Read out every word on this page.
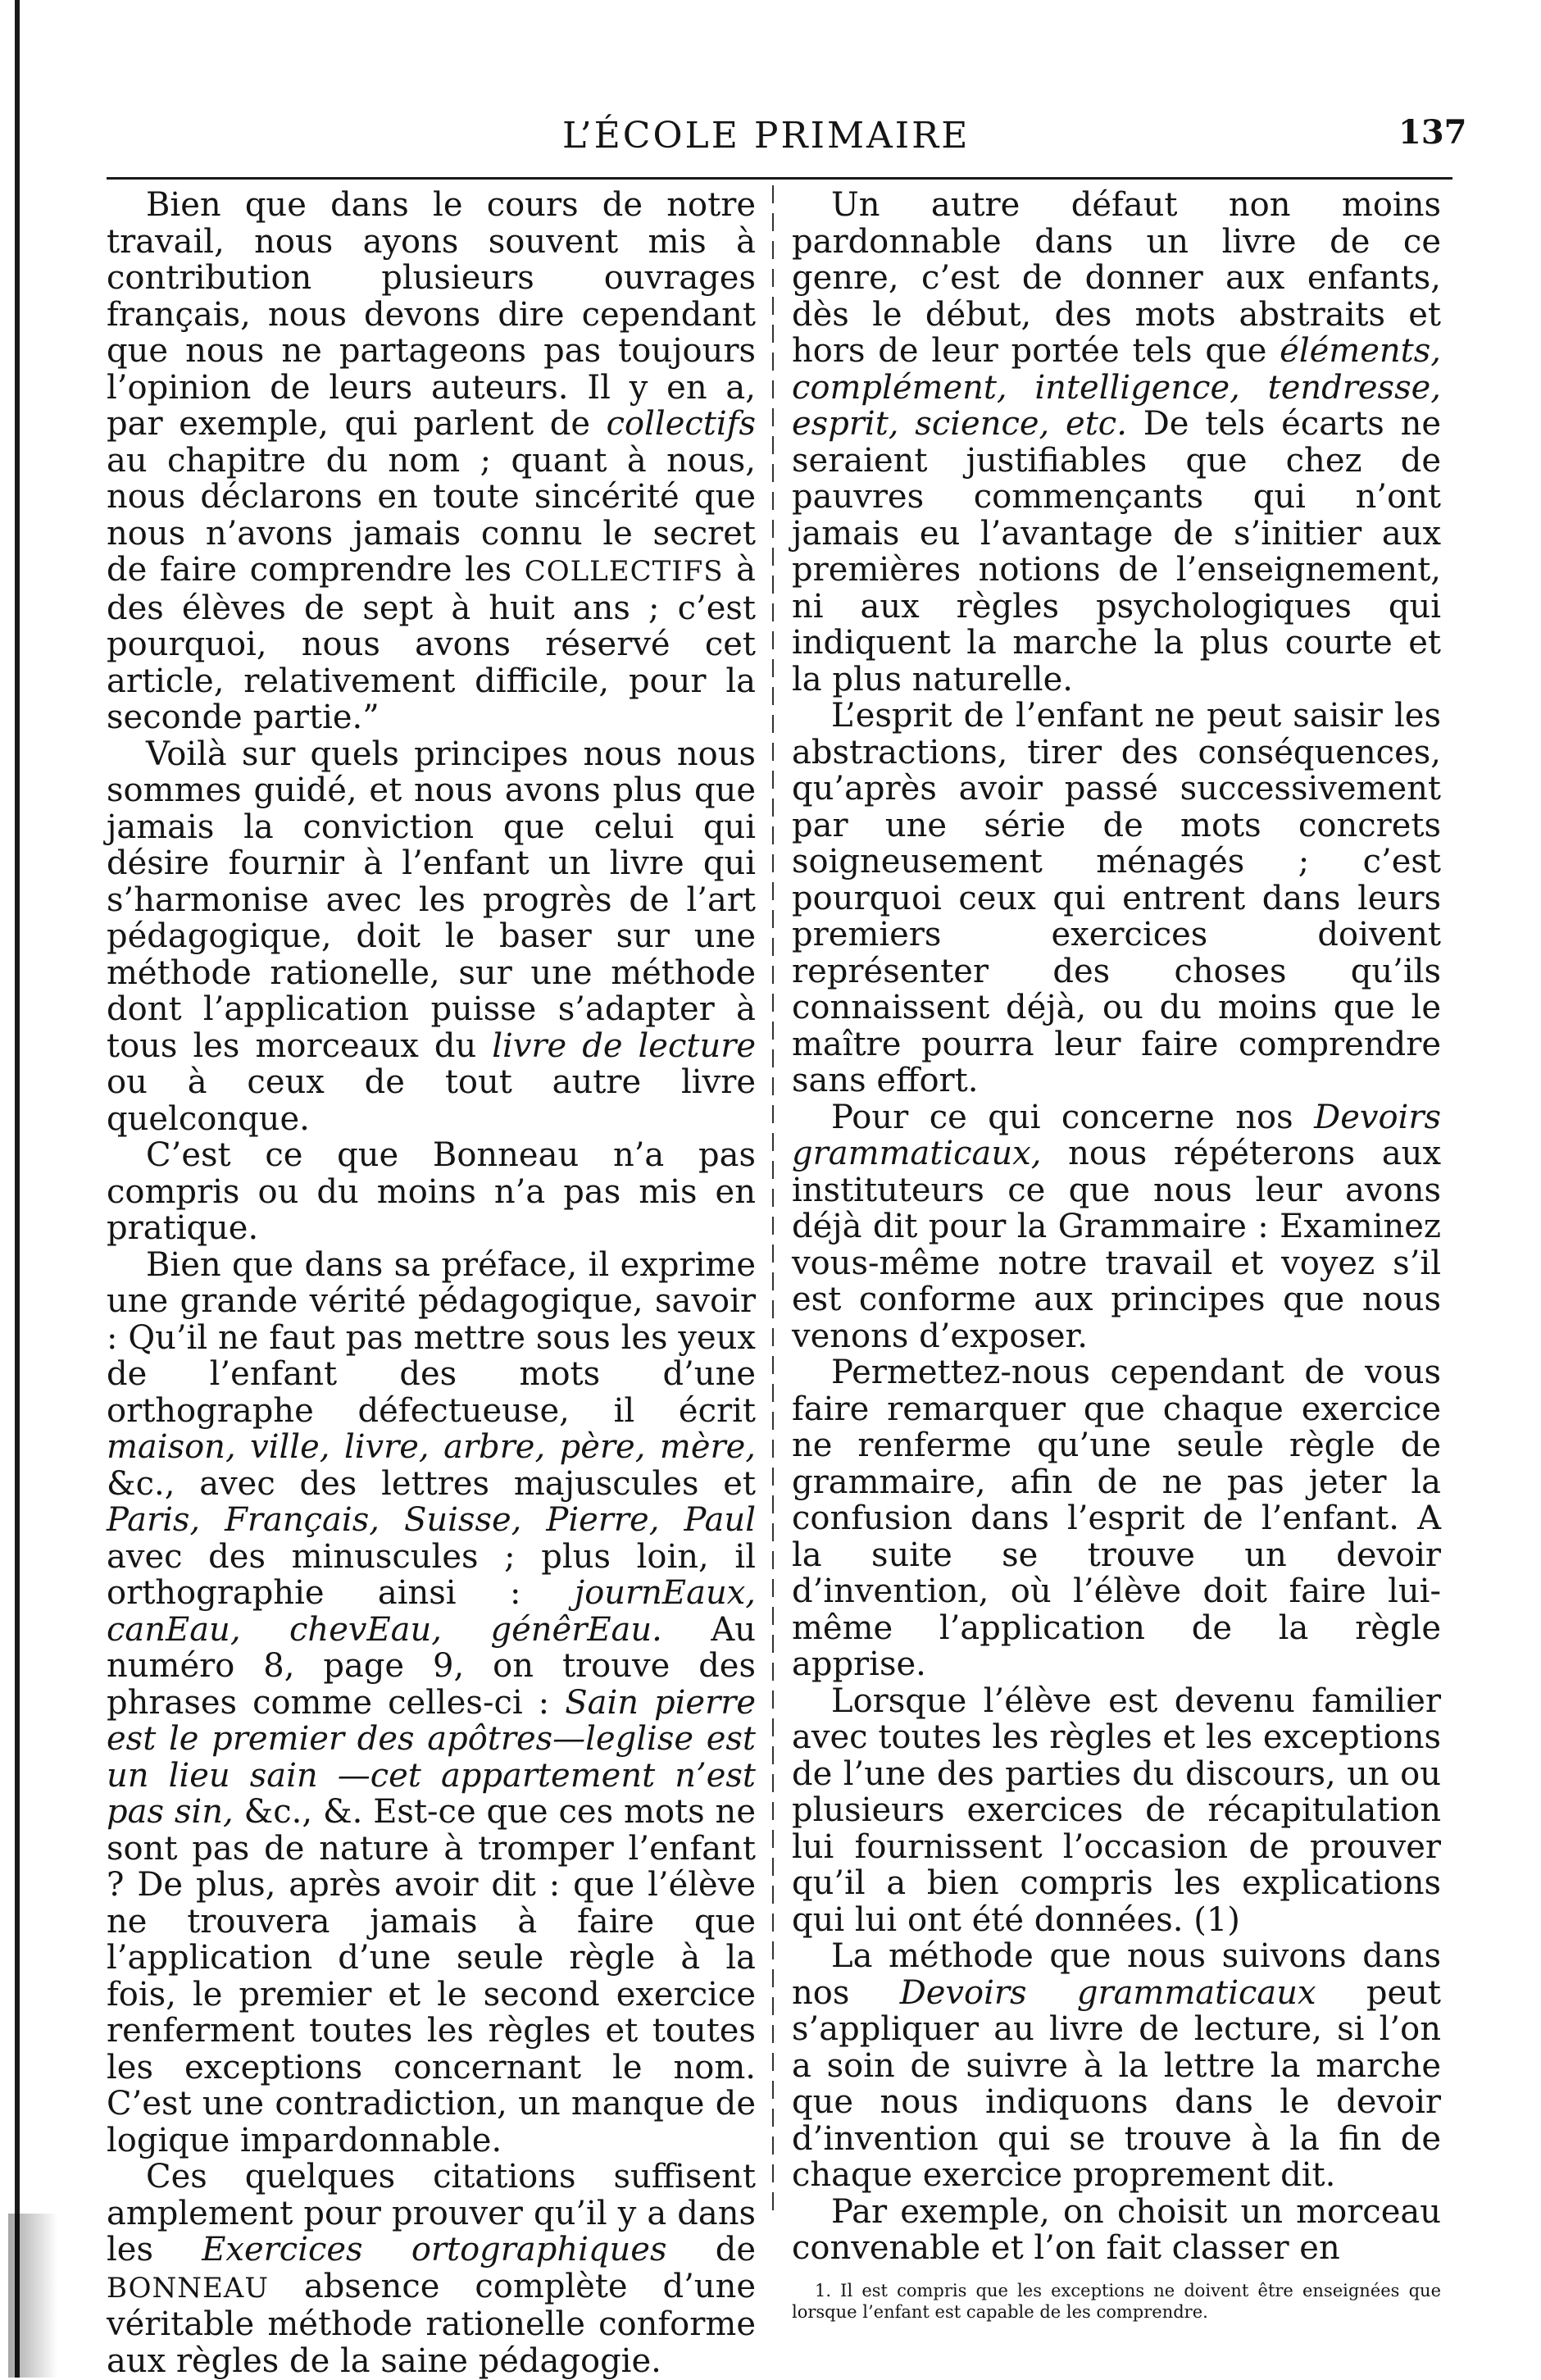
L’ÉCOLE PRIMAIRE	137

Bien que dans le cours de notre travail, nous ayons souvent mis à contribution plusieurs ouvrages français, nous devons dire cependant que nous ne partageons pas toujours l’opinion de leurs auteurs. Il y en a, par exemple, qui parlent de collectifs au chapitre du nom ; quant à nous, nous déclarons en toute sincérité que nous n’avons jamais connu le secret de faire comprendre les COLLECTIFS à des élèves de sept à huit ans ; c’est pourquoi, nous avons réservé cet article, relativement difficile, pour la seconde partie.”

Voilà sur quels principes nous nous sommes guidé, et nous avons plus que jamais la conviction que celui qui désire fournir à l’enfant un livre qui s’harmonise avec les progrès de l’art pédagogique, doit le baser sur une méthode rationelle, sur une méthode dont l’application puisse s’adapter à tous les morceaux du livre de lecture ou à ceux de tout autre livre quelconque.

C’est ce que Bonneau n’a pas compris ou du moins n’a pas mis en pratique.

Bien que dans sa préface, il exprime une grande vérité pédagogique, savoir : Qu’il ne faut pas mettre sous les yeux de l’enfant des mots d’une orthographe défectueuse, il écrit maison, ville, livre, arbre, père, mère, &c., avec des lettres majuscules et Paris, Français, Suisse, Pierre, Paul avec des minuscules ; plus loin, il orthographie ainsi : journEaux, canEau, chevEau, génêrEau. Au numéro 8, page 9, on trouve des phrases comme celles-ci : Sain pierre est le premier des apôtres—leglise est un lieu sain —cet appartement n’est pas sin, &c., &. Est-ce que ces mots ne sont pas de nature à tromper l’enfant ? De plus, après avoir dit : que l’élève ne trouvera jamais à faire que l’application d’une seule règle à la fois, le premier et le second exercice renferment toutes les règles et toutes les exceptions concernant le nom. C’est une contradiction, un manque de logique impardonnable.

Ces quelques citations suffisent amplement pour prouver qu’il y a dans les Exercices ortographiques de BONNEAU absence complète d’une véritable méthode rationelle conforme aux règles de la saine pédagogie.

Un autre défaut non moins pardonnable dans un livre de ce genre, c’est de donner aux enfants, dès le début, des mots abstraits et hors de leur portée tels que éléments, complément, intelligence, tendresse, esprit, science, etc. De tels écarts ne seraient justifiables que chez de pauvres commençants qui n’ont jamais eu l’avantage de s’initier aux premières notions de l’enseignement, ni aux règles psychologiques qui indiquent la marche la plus courte et la plus naturelle.

L’esprit de l’enfant ne peut saisir les abstractions, tirer des conséquences, qu’après avoir passé successivement par une série de mots concrets soigneusement ménagés ; c’est pourquoi ceux qui entrent dans leurs premiers exercices doivent représenter des choses qu’ils connaissent déjà, ou du moins que le maître pourra leur faire comprendre sans effort.

Pour ce qui concerne nos Devoirs grammaticaux, nous répéterons aux instituteurs ce que nous leur avons déjà dit pour la Grammaire : Examinez vous-même notre travail et voyez s’il est conforme aux principes que nous venons d’exposer.

Permettez-nous cependant de vous faire remarquer que chaque exercice ne renferme qu’une seule règle de grammaire, afin de ne pas jeter la confusion dans l’esprit de l’enfant. A la suite se trouve un devoir d’invention, où l’élève doit faire lui-même l’application de la règle apprise.

Lorsque l’élève est devenu familier avec toutes les règles et les exceptions de l’une des parties du discours, un ou plusieurs exercices de récapitulation lui fournissent l’occasion de prouver qu’il a bien compris les explications qui lui ont été données. (1)

La méthode que nous suivons dans nos Devoirs grammaticaux peut s’appliquer au livre de lecture, si l’on a soin de suivre à la lettre la marche que nous indiquons dans le devoir d’invention qui se trouve à la fin de chaque exercice proprement dit.

Par exemple, on choisit un morceau convenable et l’on fait classer en

1. Il est compris que les exceptions ne doivent être enseignées que lorsque l’enfant est capable de les comprendre.
